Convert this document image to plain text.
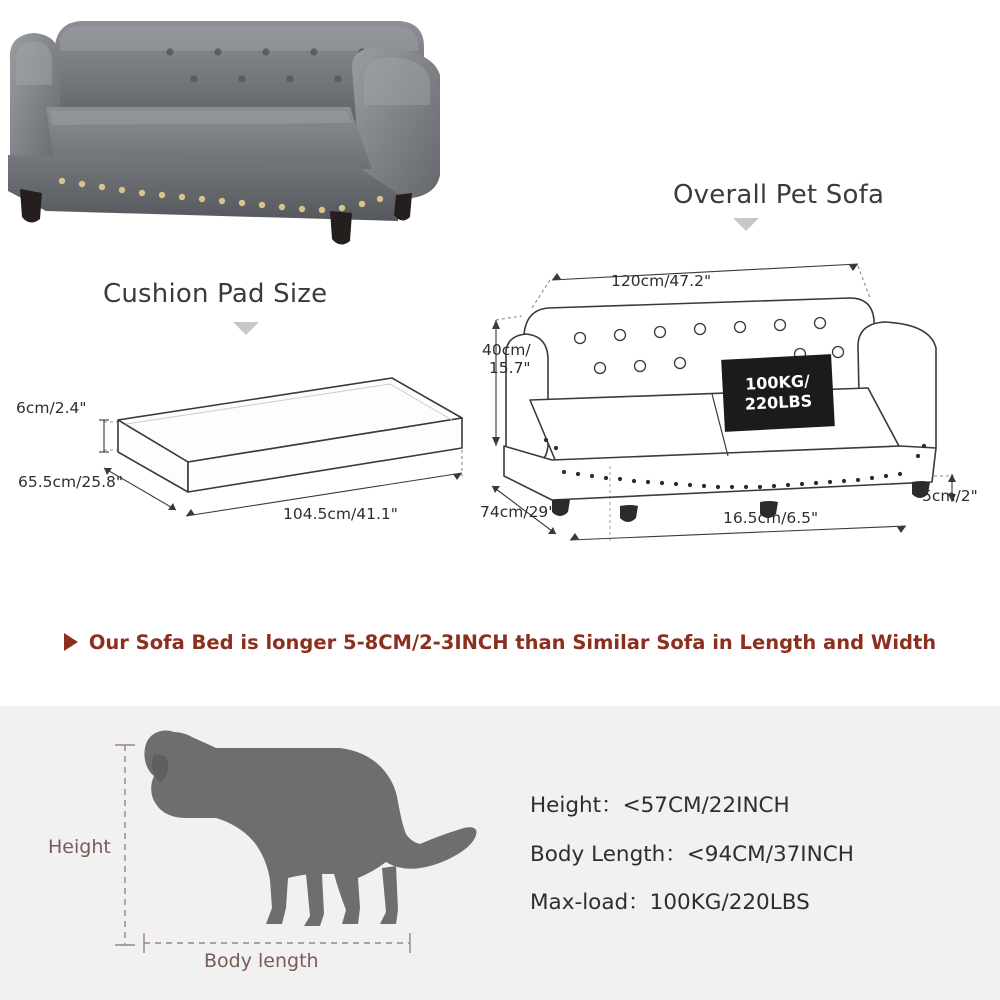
Overall Pet Sofa
Cushion Pad Size
6cm/2.4"
65.5cm/25.8"
104.5cm/41.1"
120cm/47.2"
40cm/
15.7"
74cm/29"	16.5cm/6.5"
5cm/2"
100KG/
220LBS
Our Sofa Bed is longer 5-8CM/2-3INCH than Similar Sofa in Length and Width
Height
Body length
Height：<57CM/22INCH
Body Length：<94CM/37INCH
Max-load：100KG/220LBS
